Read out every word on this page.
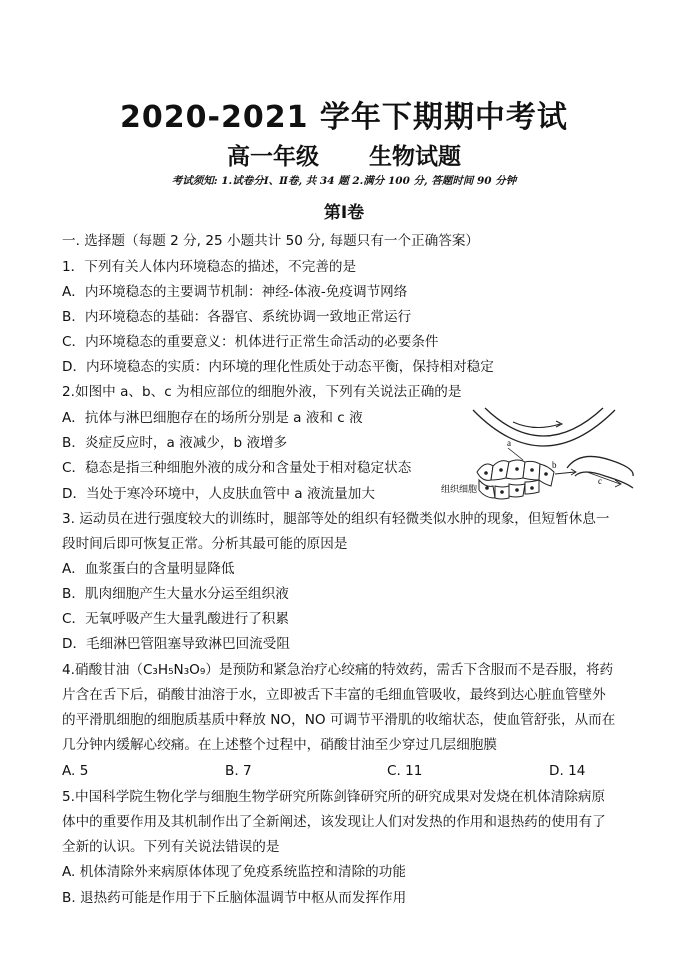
2020-2021 学年下期期中考试
高一年级 生物试题
考试须知: 1.试卷分Ⅰ、Ⅱ卷, 共 34 题 2.满分 100 分, 答题时间 90 分钟
第Ⅰ卷
一. 选择题（每题 2 分, 25 小题共计 50 分, 每题只有一个正确答案）
1．下列有关人体内环境稳态的描述，不完善的是
A．内环境稳态的主要调节机制：神经-体液-免疫调节网络
B．内环境稳态的基础：各器官、系统协调一致地正常运行
C．内环境稳态的重要意义：机体进行正常生命活动的必要条件
D．内环境稳态的实质：内环境的理化性质处于动态平衡，保持相对稳定
2.如图中 a、b、c 为相应部位的细胞外液，下列有关说法正确的是
A．抗体与淋巴细胞存在的场所分别是 a 液和 c 液
B．炎症反应时，a 液减少，b 液增多
C．稳态是指三种细胞外液的成分和含量处于相对稳定状态
D．当处于寒冷环境中，人皮肤血管中 a 液流量加大
a
b
c
组织细胞
3. 运动员在进行强度较大的训练时，腿部等处的组织有轻微类似水肿的现象，但短暂休息一
段时间后即可恢复正常。分析其最可能的原因是
A．血浆蛋白的含量明显降低
B．肌肉细胞产生大量水分运至组织液
C．无氧呼吸产生大量乳酸进行了积累
D．毛细淋巴管阻塞导致淋巴回流受阻
4.硝酸甘油（C₃H₅N₃O₉）是预防和紧急治疗心绞痛的特效药，需舌下含服而不是吞服，将药
片含在舌下后，硝酸甘油溶于水，立即被舌下丰富的毛细血管吸收，最终到达心脏血管壁外
的平滑肌细胞的细胞质基质中释放 NO，NO 可调节平滑肌的收缩状态，使血管舒张，从而在
几分钟内缓解心绞痛。在上述整个过程中，硝酸甘油至少穿过几层细胞膜
A. 5	B. 7	C. 11	D. 14
5.中国科学院生物化学与细胞生物学研究所陈剑锋研究所的研究成果对发烧在机体清除病原
体中的重要作用及其机制作出了全新阐述，该发现让人们对发热的作用和退热药的使用有了
全新的认识。下列有关说法错误的是
A. 机体清除外来病原体体现了免疫系统监控和清除的功能
B. 退热药可能是作用于下丘脑体温调节中枢从而发挥作用
